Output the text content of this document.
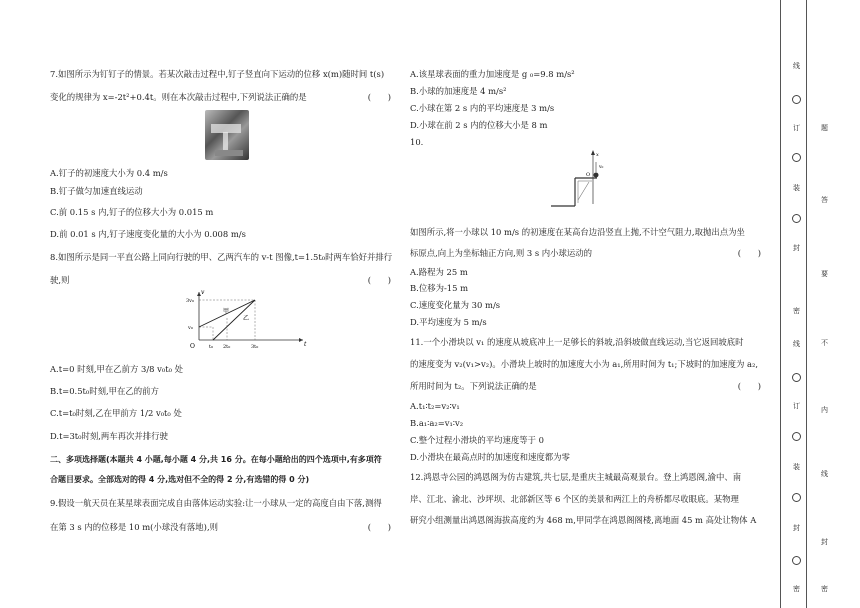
7.如图所示为钉钉子的情景。若某次敲击过程中,钉子竖直向下运动的位移 x(m)随时间 t(s)
变化的规律为 x=-2t²+0.4t。则在本次敲击过程中,下列说法正确的是	(　　)
A.钉子的初速度大小为 0.4 m/s
B.钉子做匀加速直线运动
C.前 0.15 s 内,钉子的位移大小为 0.015 m
D.前 0.01 s 内,钉子速度变化量的大小为 0.008 m/s
8.如图所示是同一平直公路上同向行驶的甲、乙两汽车的 v-t 图像,t=1.5t₀时两车恰好并排行
驶,则	(　　)
3v₀
v₀
O	t₀ 2t₀	3t₀	t
v
甲
乙
A.t=0 时刻,甲在乙前方 3/8 v₀t₀ 处
B.t=0.5t₀时刻,甲在乙的前方
C.t=t₀时刻,乙在甲前方 1/2 v₀t₀ 处
D.t=3t₀时刻,两车再次并排行驶
二、多项选择题(本题共 4 小题,每小题 4 分,共 16 分。在每小题给出的四个选项中,有多项符
合题目要求。全部选对的得 4 分,选对但不全的得 2 分,有选错的得 0 分)
9.假设一航天员在某星球表面完成自由落体运动实验:让一小球从一定的高度自由下落,测得
在第 3 s 内的位移是 10 m(小球没有落地),则	(　　)
A.该星球表面的重力加速度是 g ₀=9.8 m/s²
B.小球的加速度是 4 m/s²
C.小球在第 2 s 内的平均速度是 3 m/s
D.小球在前 2 s 内的位移大小是 8 m
10.
O
x
v₀
如图所示,将一小球以 10 m/s 的初速度在某高台边沿竖直上抛,不计空气阻力,取抛出点为坐
标原点,向上为坐标轴正方向,则 3 s 内小球运动的	(　　)
A.路程为 25 m
B.位移为-15 m
C.速度变化量为 30 m/s
D.平均速度为 5 m/s
11.一个小滑块以 v₁ 的速度从坡底冲上一足够长的斜坡,沿斜坡做直线运动,当它返回坡底时
的速度变为 v₂(v₁>v₂)。小滑块上坡时的加速度大小为 a₁,所用时间为 t₁;下坡时的加速度为 a₂,
所用时间为 t₂。下列说法正确的是	(　　)
A.t₁∶t₂=v₂∶v₁
B.a₁∶a₂=v₁∶v₂
C.整个过程小滑块的平均速度等于 0
D.小滑块在最高点时的加速度和速度都为零
12.鸿恩寺公园的鸿恩阁为仿古建筑,共七层,是重庆主城最高观景台。登上鸿恩阁,渝中、南
岸、江北、渝北、沙坪坝、北部新区等 6 个区的美景和两江上的舟桥都尽收眼底。某物理
研究小组测量出鸿恩阁海拔高度约为 468 m,甲同学在鸿恩阁阁楼,离地面 45 m 高处让物体 A
线
订
装
封
密
线
订
装
封
密
题
答
要
不
内
线
封
密
